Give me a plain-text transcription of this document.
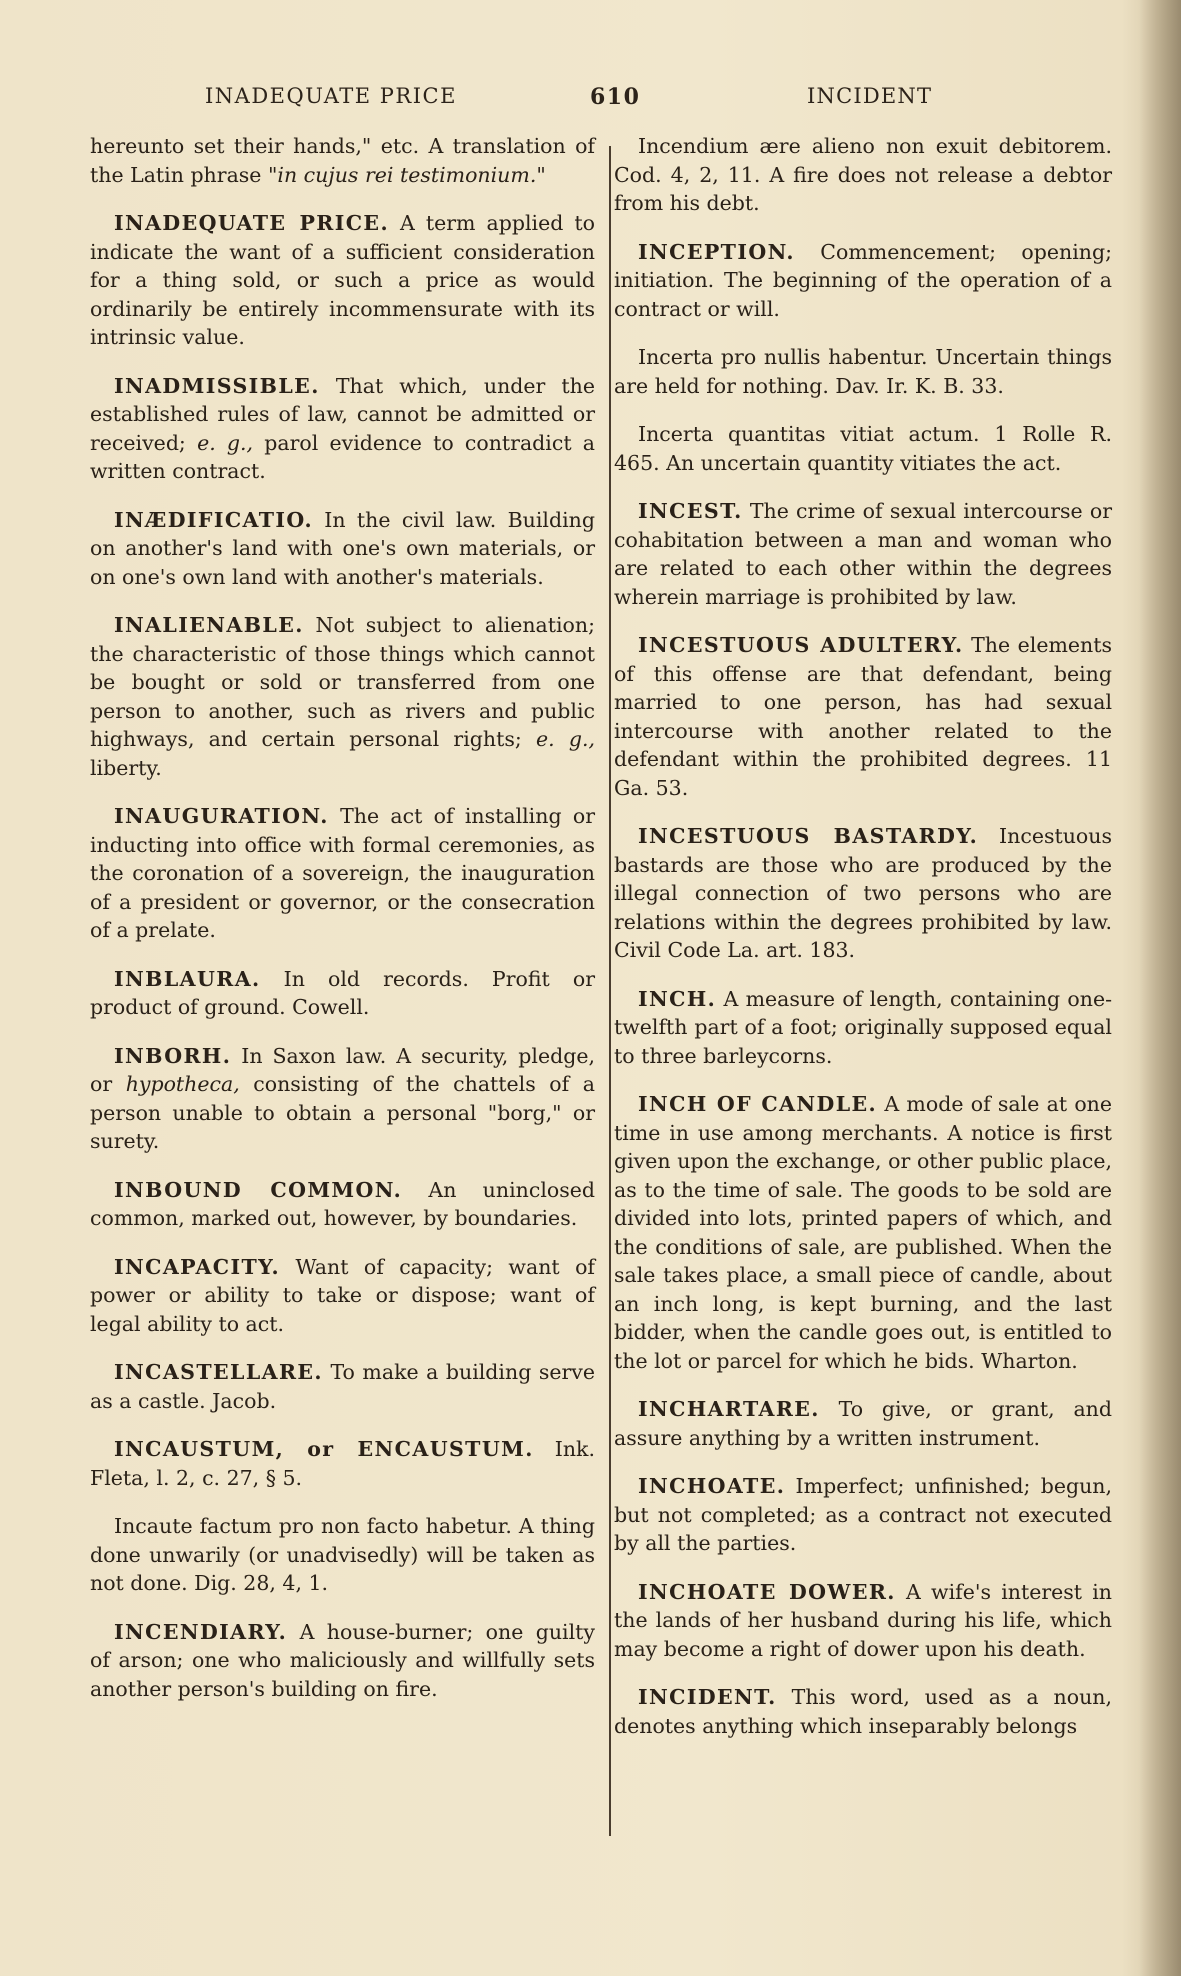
INADEQUATE PRICE	610	INCIDENT
hereunto set their hands," etc. A translation of the Latin phrase "in cujus rei testimonium."
INADEQUATE PRICE. A term applied to indicate the want of a sufficient consideration for a thing sold, or such a price as would ordinarily be entirely incommensurate with its intrinsic value.
INADMISSIBLE. That which, under the established rules of law, cannot be admitted or received; e. g., parol evidence to contradict a written contract.
INÆDIFICATIO. In the civil law. Building on another's land with one's own materials, or on one's own land with another's materials.
INALIENABLE. Not subject to alienation; the characteristic of those things which cannot be bought or sold or transferred from one person to another, such as rivers and public highways, and certain personal rights; e. g., liberty.
INAUGURATION. The act of installing or inducting into office with formal ceremonies, as the coronation of a sovereign, the inauguration of a president or governor, or the consecration of a prelate.
INBLAURA. In old records. Profit or product of ground. Cowell.
INBORH. In Saxon law. A security, pledge, or hypotheca, consisting of the chattels of a person unable to obtain a personal "borg," or surety.
INBOUND COMMON. An uninclosed common, marked out, however, by boundaries.
INCAPACITY. Want of capacity; want of power or ability to take or dispose; want of legal ability to act.
INCASTELLARE. To make a building serve as a castle. Jacob.
INCAUSTUM, or ENCAUSTUM. Ink. Fleta, l. 2, c. 27, § 5.
Incaute factum pro non facto habetur. A thing done unwarily (or unadvisedly) will be taken as not done. Dig. 28, 4, 1.
INCENDIARY. A house-burner; one guilty of arson; one who maliciously and willfully sets another person's building on fire.
Incendium ære alieno non exuit debitorem. Cod. 4, 2, 11. A fire does not release a debtor from his debt.
INCEPTION. Commencement; opening; initiation. The beginning of the operation of a contract or will.
Incerta pro nullis habentur. Uncertain things are held for nothing. Dav. Ir. K. B. 33.
Incerta quantitas vitiat actum. 1 Rolle R. 465. An uncertain quantity vitiates the act.
INCEST. The crime of sexual intercourse or cohabitation between a man and woman who are related to each other within the degrees wherein marriage is prohibited by law.
INCESTUOUS ADULTERY. The elements of this offense are that defendant, being married to one person, has had sexual intercourse with another related to the defendant within the prohibited degrees. 11 Ga. 53.
INCESTUOUS BASTARDY. Incestuous bastards are those who are produced by the illegal connection of two persons who are relations within the degrees prohibited by law. Civil Code La. art. 183.
INCH. A measure of length, containing one-twelfth part of a foot; originally supposed equal to three barleycorns.
INCH OF CANDLE. A mode of sale at one time in use among merchants. A notice is first given upon the exchange, or other public place, as to the time of sale. The goods to be sold are divided into lots, printed papers of which, and the conditions of sale, are published. When the sale takes place, a small piece of candle, about an inch long, is kept burning, and the last bidder, when the candle goes out, is entitled to the lot or parcel for which he bids. Wharton.
INCHARTARE. To give, or grant, and assure anything by a written instrument.
INCHOATE. Imperfect; unfinished; begun, but not completed; as a contract not executed by all the parties.
INCHOATE DOWER. A wife's interest in the lands of her husband during his life, which may become a right of dower upon his death.
INCIDENT. This word, used as a noun, denotes anything which inseparably belongs
